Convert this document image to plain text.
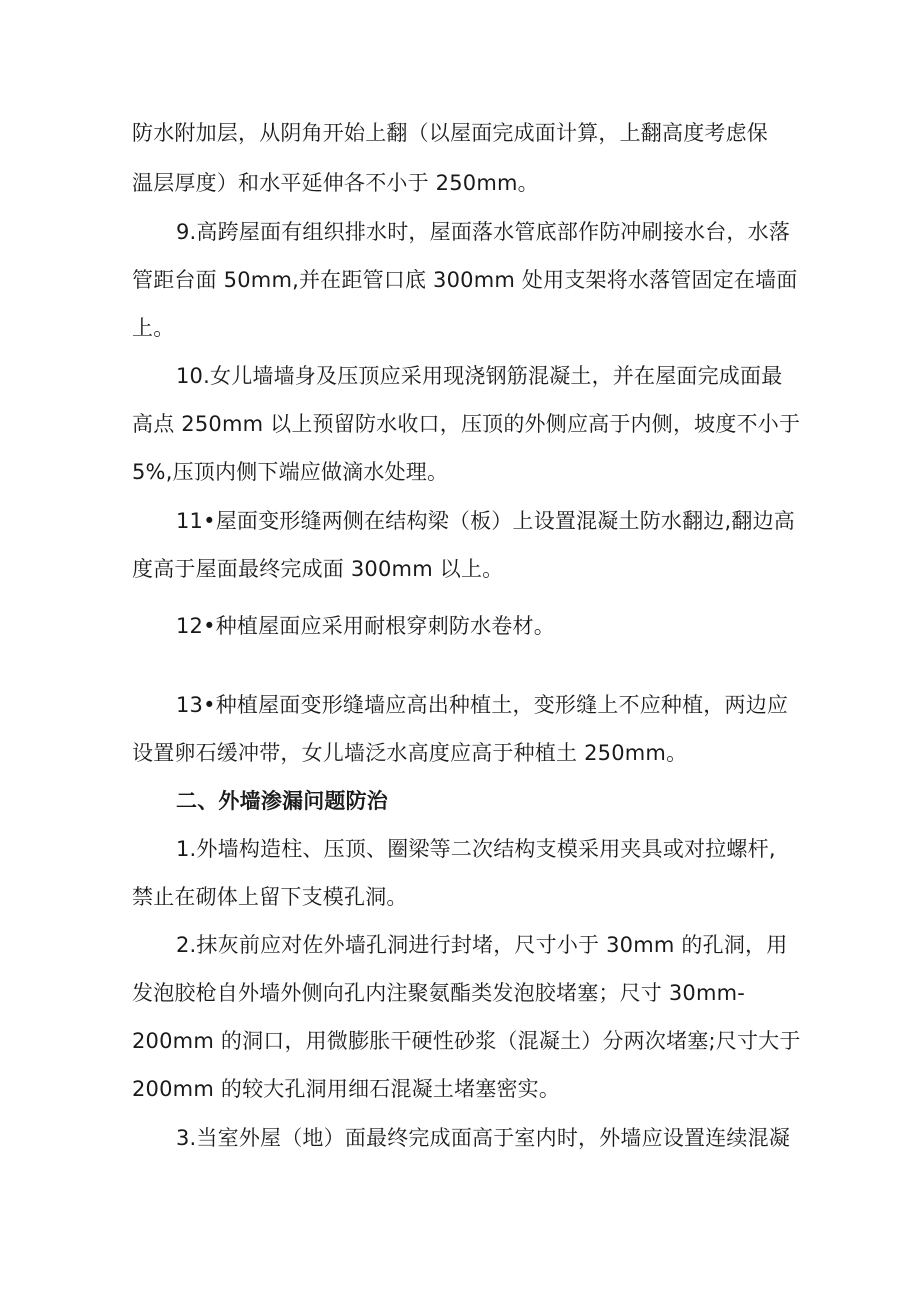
防水附加层，从阴角开始上翻（以屋面完成面计算，上翻高度考虑保
温层厚度）和水平延伸各不小于 250mm。
9.高跨屋面有组织排水时，屋面落水管底部作防冲刷接水台，水落
管距台面 50mm,并在距管口底 300mm 处用支架将水落管固定在墙面
上。
10.女儿墙墙身及压顶应采用现浇钢筋混凝土，并在屋面完成面最
高点 250mm 以上预留防水收口，压顶的外侧应高于内侧，坡度不小于
5%,压顶内侧下端应做滴水处理。
11•屋面变形缝两侧在结构梁（板）上设置混凝土防水翻边,翻边高
度高于屋面最终完成面 300mm 以上。
12•种植屋面应采用耐根穿刺防水卷材。
13•种植屋面变形缝墙应高出种植土，变形缝上不应种植，两边应
设置卵石缓冲带，女儿墙泛水高度应高于种植土 250mm。
二、外墙渗漏问题防治
1.外墙构造柱、压顶、圈梁等二次结构支模采用夹具或对拉螺杆,
禁止在砌体上留下支模孔洞。
2.抹灰前应对佐外墙孔洞进行封堵，尺寸小于 30mm 的孔洞，用
发泡胶枪自外墙外侧向孔内注聚氨酯类发泡胶堵塞；尺寸 30mm-
200mm 的洞口，用微膨胀干硬性砂浆（混凝土）分两次堵塞;尺寸大于
200mm 的较大孔洞用细石混凝土堵塞密实。
3.当室外屋（地）面最终完成面高于室内时，外墙应设置连续混凝
